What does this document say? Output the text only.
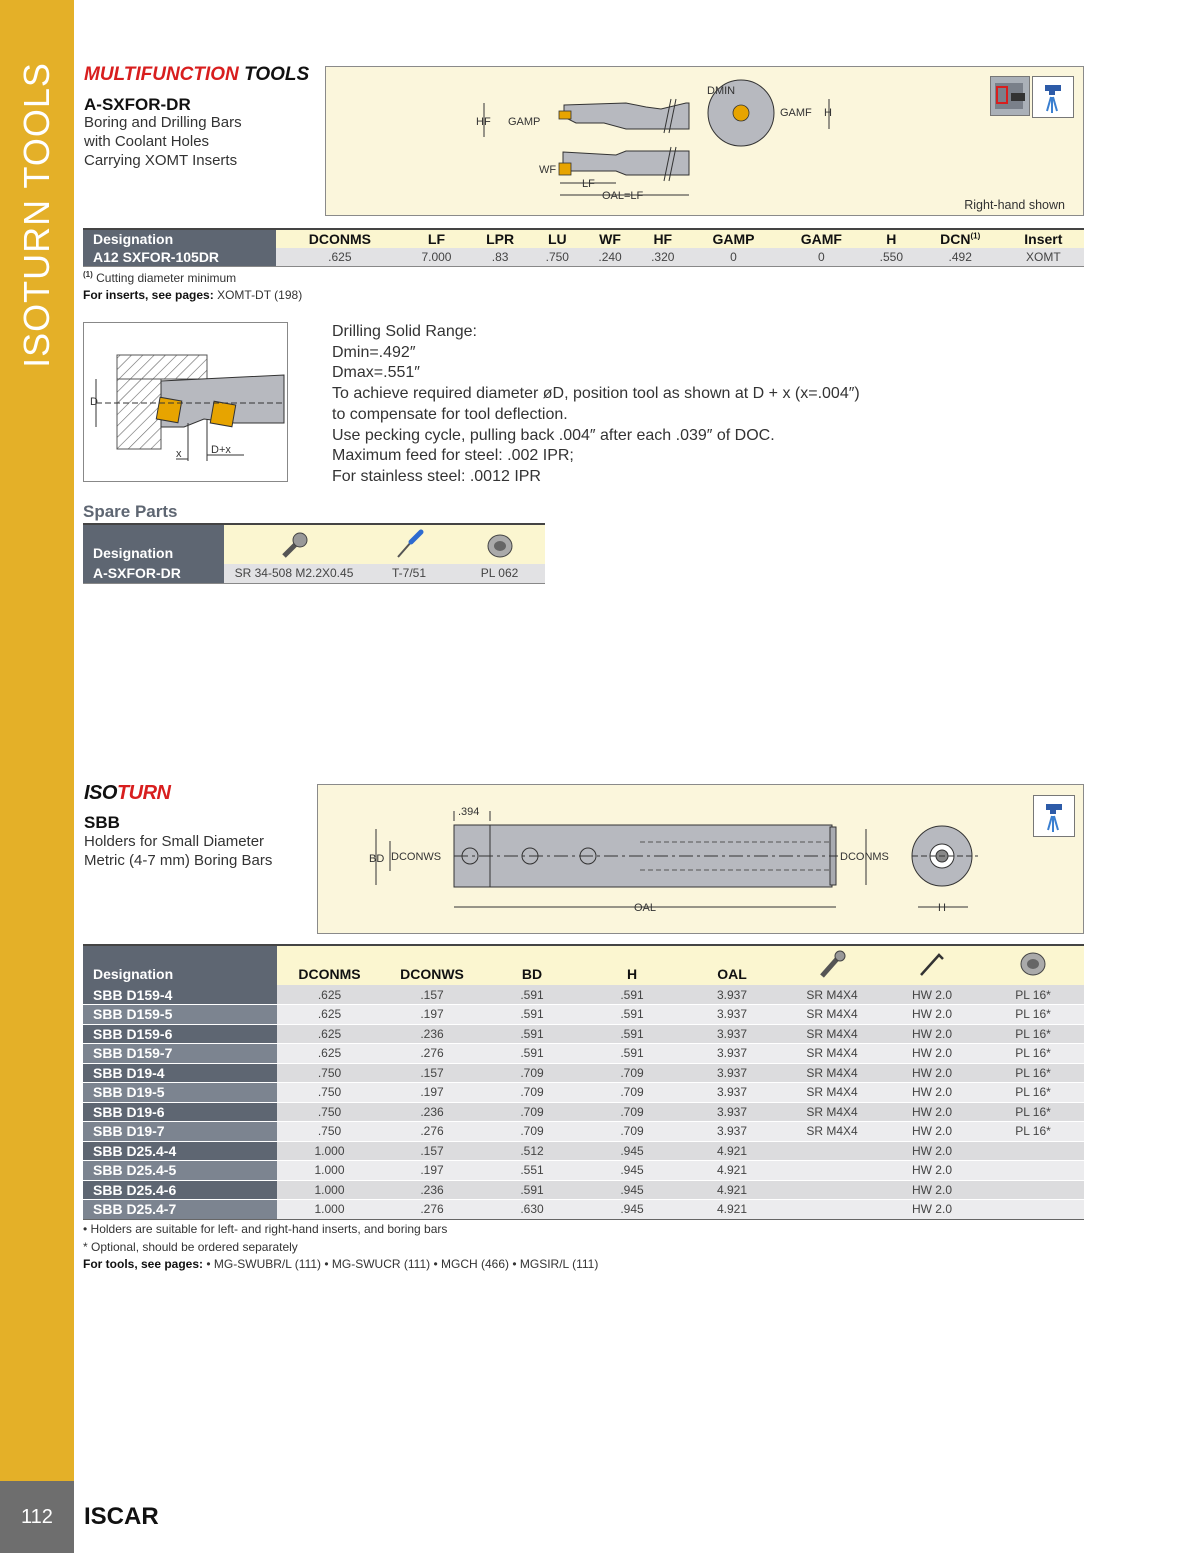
ISOTURN TOOLS
112	ISCAR
MULTIFUNCTION TOOLS
A-SXFOR-DR
Boring and Drilling Bars
with Coolant Holes
Carrying XOMT Inserts
HF GAMP
DMIN
GAMF H
WF
LF
OAL=LF
Right-hand shown
Designation	DCONMS	LF	LPR	LU	WF	HF	GAMP	GAMF	H	DCN$^{(1)}$	Insert
A12 SXFOR-105DR	.625	7.000	.83	.750	.240	.320	0	0	.550	.492	XOMT
$^{(1)}$ Cutting diameter minimum
For inserts, see pages: XOMT-DT (198)
D
x	D+x
Drilling Solid Range:
Dmin=.492″
Dmax=.551″
To achieve required diameter øD, position tool as shown at D + x (x=.004″)
to compensate for tool deflection.
Use pecking cycle, pulling back .004″ after each .039″ of DOC.
Maximum feed for steel: .002 IPR;
For stainless steel: .0012 IPR
Spare Parts
Designation			
A-SXFOR-DR	SR 34-508 M2.2X0.45	T-7/51	PL 062
ISOTURN
SBB
Holders for Small Diameter
Metric (4-7 mm) Boring Bars
.394
BD DCONWS	DCONMS
OAL	H
Designation	DCONMS	DCONWS	BD	H	OAL			
SBB D159-4	.625	.157	.591	.591	3.937	SR M4X4	HW 2.0	PL 16*
SBB D159-5	.625	.197	.591	.591	3.937	SR M4X4	HW 2.0	PL 16*
SBB D159-6	.625	.236	.591	.591	3.937	SR M4X4	HW 2.0	PL 16*
SBB D159-7	.625	.276	.591	.591	3.937	SR M4X4	HW 2.0	PL 16*
SBB D19-4	.750	.157	.709	.709	3.937	SR M4X4	HW 2.0	PL 16*
SBB D19-5	.750	.197	.709	.709	3.937	SR M4X4	HW 2.0	PL 16*
SBB D19-6	.750	.236	.709	.709	3.937	SR M4X4	HW 2.0	PL 16*
SBB D19-7	.750	.276	.709	.709	3.937	SR M4X4	HW 2.0	PL 16*
SBB D25.4-4	1.000	.157	.512	.945	4.921		HW 2.0	
SBB D25.4-5	1.000	.197	.551	.945	4.921		HW 2.0	
SBB D25.4-6	1.000	.236	.591	.945	4.921		HW 2.0	
SBB D25.4-7	1.000	.276	.630	.945	4.921		HW 2.0	
• Holders are suitable for left- and right-hand inserts, and boring bars
* Optional, should be ordered separately
For tools, see pages: • MG-SWUBR/L (111) • MG-SWUCR (111) • MGCH (466) • MGSIR/L (111)
